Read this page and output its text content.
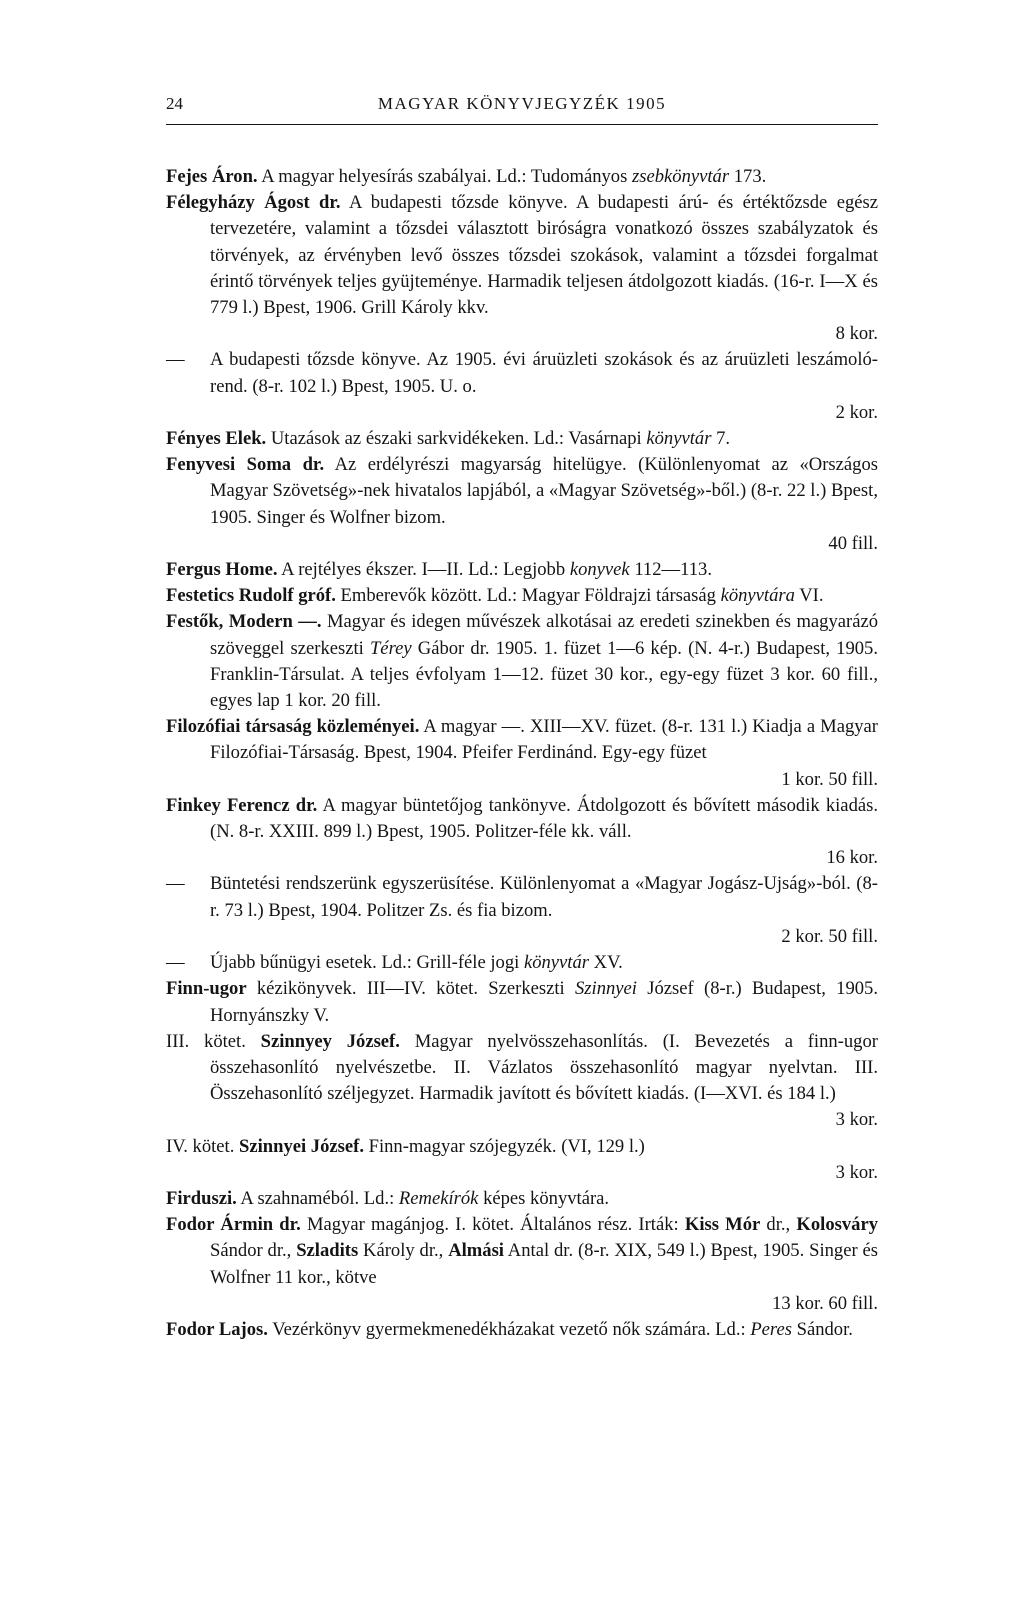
24	MAGYAR KÖNYVJEGYZÉK 1905
Fejes Áron. A magyar helyesírás szabályai. Ld.: Tudományos zsebkönyvtár 173.
Félegyházy Ágost dr. A budapesti tőzsde könyve. A budapesti árú- és értéktőzsde egész tervezetére, valamint a tőzsdei választott biróságra vonatkozó összes szabályzatok és törvények, az érvényben levő összes tőzsdei szokások, valamint a tőzsdei forgalmat érintő törvények teljes gyüjteménye. Harmadik teljesen átdolgozott kiadás. (16-r. I—X és 779 l.) Bpest, 1906. Grill Károly kkv.
8 kor.
— A budapesti tőzsde könyve. Az 1905. évi áruüzleti szokások és az áruüzleti leszámoló-rend. (8-r. 102 l.) Bpest, 1905. U. o.
2 kor.
Fényes Elek. Utazások az északi sarkvidékeken. Ld.: Vasárnapi könyvtár 7.
Fenyvesi Soma dr. Az erdélyrészi magyarság hitelügye. (Különlenyomat az «Országos Magyar Szövetség»-nek hivatalos lapjából, a «Magyar Szövetség»-ből.) (8-r. 22 l.) Bpest, 1905. Singer és Wolfner bizom.
40 fill.
Fergus Home. A rejtélyes ékszer. I—II. Ld.: Legjobb konyvek 112—113.
Festetics Rudolf gróf. Emberevők között. Ld.: Magyar Földrajzi társaság könyvtára VI.
Festők, Modern —. Magyar és idegen művészek alkotásai az eredeti szinekben és magyarázó szöveggel szerkeszti Térey Gábor dr. 1905. 1. füzet 1—6 kép. (N. 4-r.) Budapest, 1905. Franklin-Társulat. A teljes évfolyam 1—12. füzet 30 kor., egy-egy füzet 3 kor. 60 fill., egyes lap 1 kor. 20 fill.
Filozófiai társaság közleményei. A magyar —. XIII—XV. füzet. (8-r. 131 l.) Kiadja a Magyar Filozófiai-Társaság. Bpest, 1904. Pfeifer Ferdinánd. Egy-egy füzet
1 kor. 50 fill.
Finkey Ferencz dr. A magyar büntetőjog tankönyve. Átdolgozott és bővített második kiadás. (N. 8-r. XXIII. 899 l.) Bpest, 1905. Politzer-féle kk. váll.
16 kor.
— Büntetési rendszerünk egyszerüsítése. Különlenyomat a «Magyar Jogász-Ujság»-ból. (8-r. 73 l.) Bpest, 1904. Politzer Zs. és fia bizom.
2 kor. 50 fill.
— Újabb bűnügyi esetek. Ld.: Grill-féle jogi könyvtár XV.
Finn-ugor kézikönyvek. III—IV. kötet. Szerkeszti Szinnyei József (8-r.) Budapest, 1905. Hornyánszky V.
III. kötet. Szinnyey József. Magyar nyelvösszehasonlítás. (I. Bevezetés a finn-ugor összehasonlító nyelvészetbe. II. Vázlatos összehasonlító magyar nyelvtan. III. Összehasonlító széljegyzet. Harmadik javított és bővített kiadás. (I—XVI. és 184 l.)
3 kor.
IV. kötet. Szinnyei József. Finn-magyar szójegyzék. (VI, 129 l.)
3 kor.
Firduszi. A szahnaméból. Ld.: Remekírók képes könyvtára.
Fodor Ármin dr. Magyar magánjog. I. kötet. Általános rész. Irták: Kiss Mór dr., Kolosváry Sándor dr., Szladits Károly dr., Almási Antal dr. (8-r. XIX, 549 l.) Bpest, 1905. Singer és Wolfner 11 kor., kötve
13 kor. 60 fill.
Fodor Lajos. Vezérkönyv gyermekmenedékházakat vezető nők számára. Ld.: Peres Sándor.
